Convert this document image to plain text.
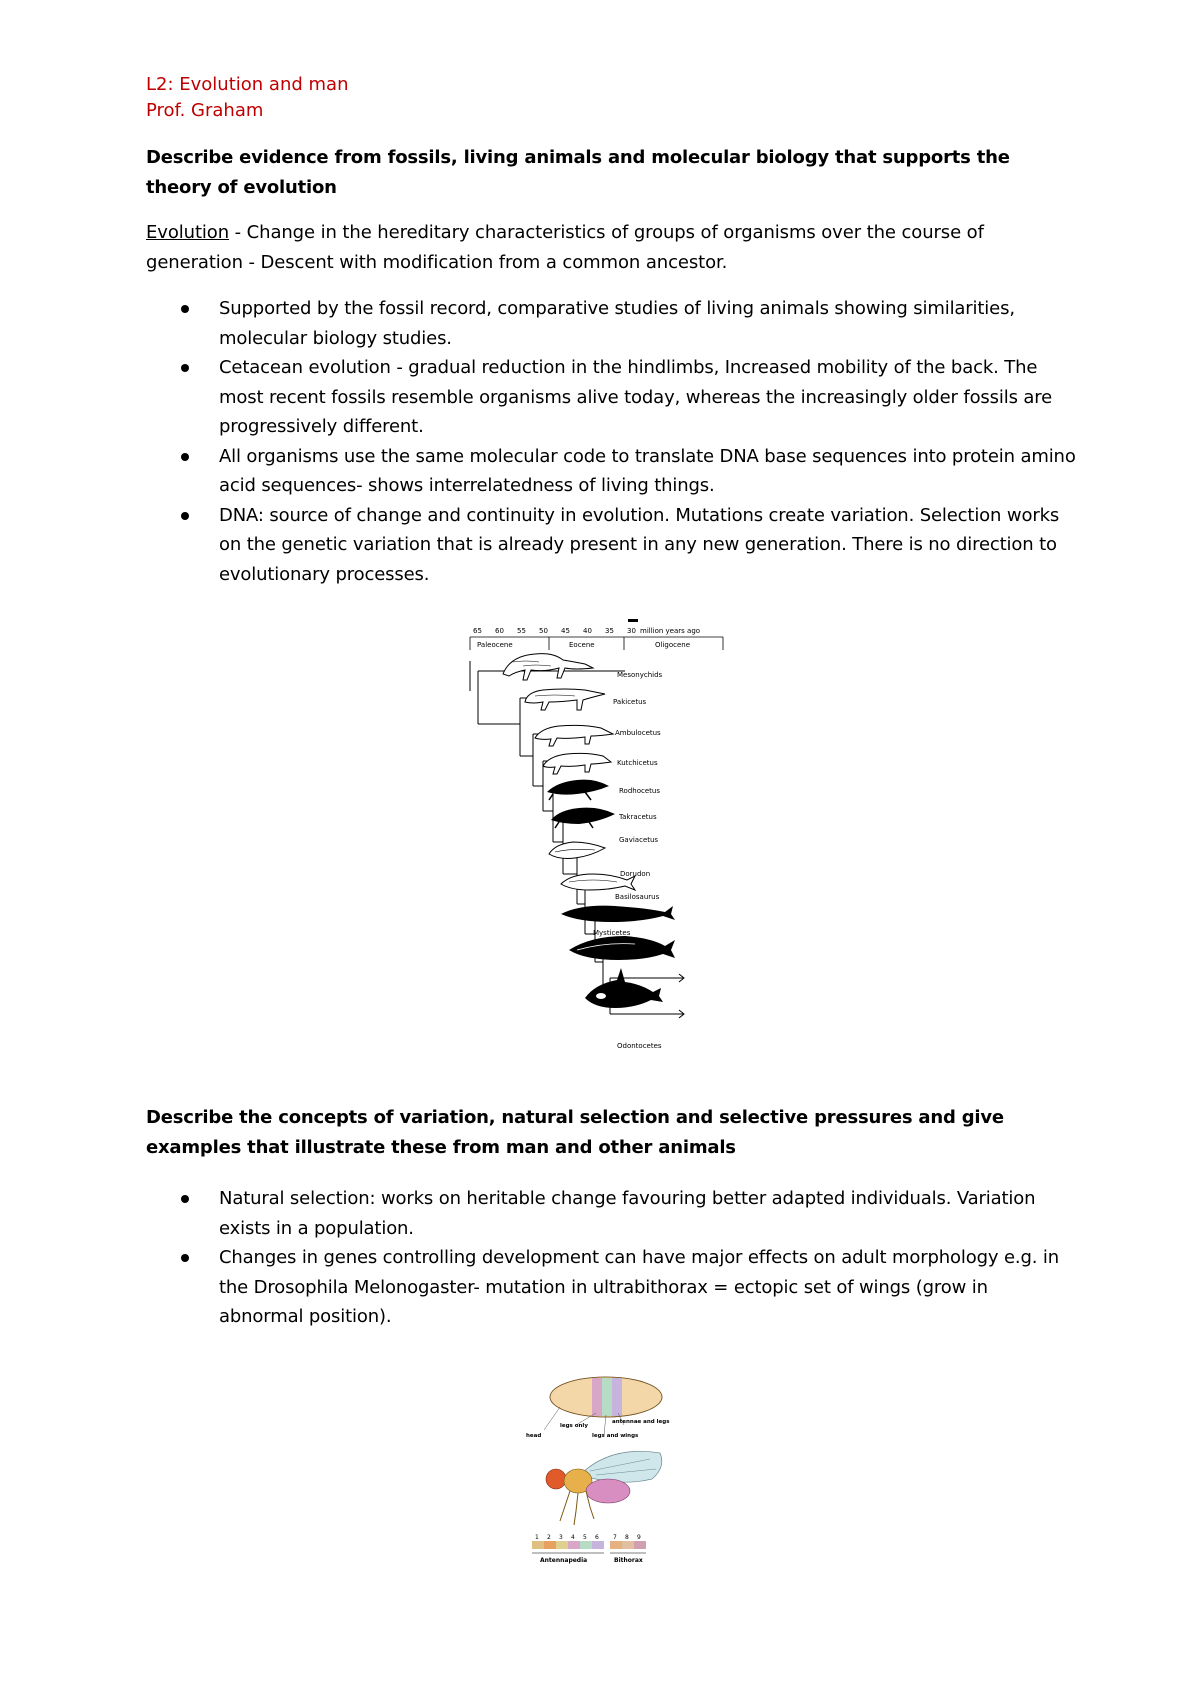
L2: Evolution and man
Prof. Graham
Describe evidence from fossils, living animals and molecular biology that supports the theory of evolution
Evolution - Change in the hereditary characteristics of groups of organisms over the course of generation - Descent with modification from a common ancestor.
Supported by the fossil record, comparative studies of living animals showing similarities, molecular biology studies.
Cetacean evolution - gradual reduction in the hindlimbs, Increased mobility of the back. The most recent fossils resemble organisms alive today, whereas the increasingly older fossils are progressively different.
All organisms use the same molecular code to translate DNA base sequences into protein amino acid sequences- shows interrelatedness of living things.
DNA: source of change and continuity in evolution. Mutations create variation. Selection works on the genetic variation that is already present in any new generation. There is no direction to evolutionary processes.
65 60 55 50 45 40 35 30 million years ago
Paleocene	Eocene	Oligocene
Mesonychids
Pakicetus
Ambulocetus
Kutchicetus
Rodhocetus
Takracetus
Gaviacetus
Dorudon
Basilosaurus
Mysticetes
Odontocetes
Describe the concepts of variation, natural selection and selective pressures and give examples that illustrate these from man and other animals
Natural selection: works on heritable change favouring better adapted individuals. Variation exists in a population.
Changes in genes controlling development can have major effects on adult morphology e.g. in the Drosophila Melonogaster- mutation in ultrabithorax = ectopic set of wings (grow in abnormal position).
head
legs only
antennae and legs
legs and wings
1 2 3 4 5 6 7 8 9
Antennapedia	Bithorax
